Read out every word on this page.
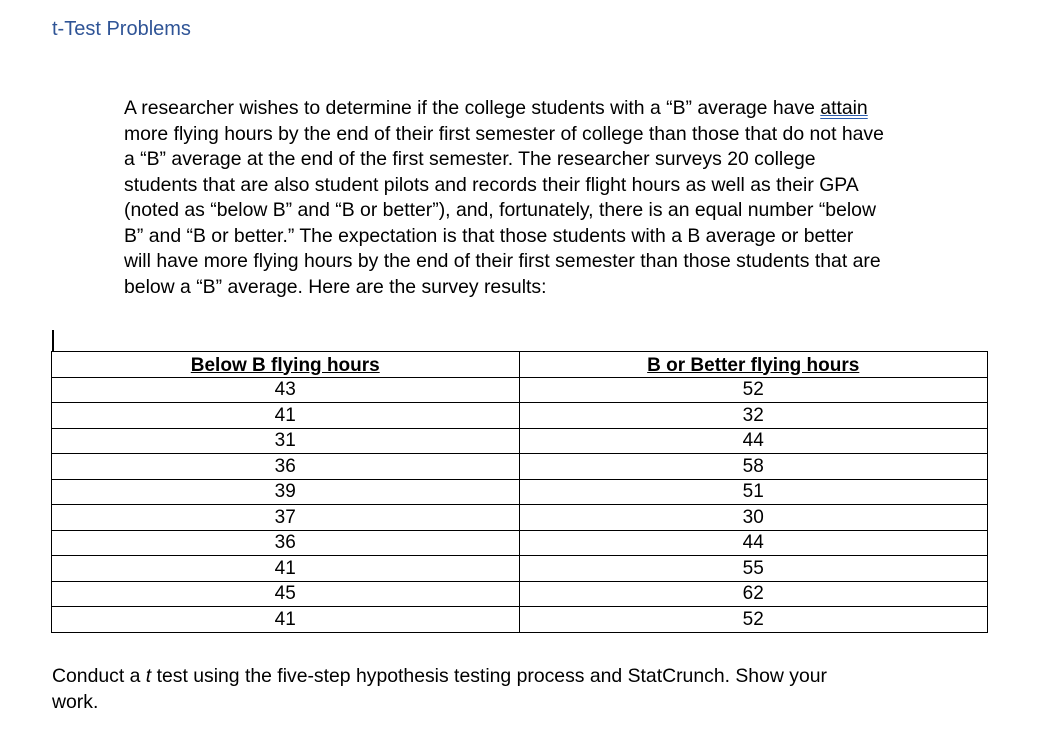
t-Test Problems
A researcher wishes to determine if the college students with a “B” average have attain
more flying hours by the end of their first semester of college than those that do not have
a “B” average at the end of the first semester. The researcher surveys 20 college
students that are also student pilots and records their flight hours as well as their GPA
(noted as “below B” and “B or better”), and, fortunately, there is an equal number “below
B” and “B or better.” The expectation is that those students with a B average or better
will have more flying hours by the end of their first semester than those students that are
below a “B” average. Here are the survey results:
Below B flying hours	B or Better flying hours
43	52
41	32
31	44
36	58
39	51
37	30
36	44
41	55
45	62
41	52
Conduct a t test using the five-step hypothesis testing process and StatCrunch. Show your
work.
